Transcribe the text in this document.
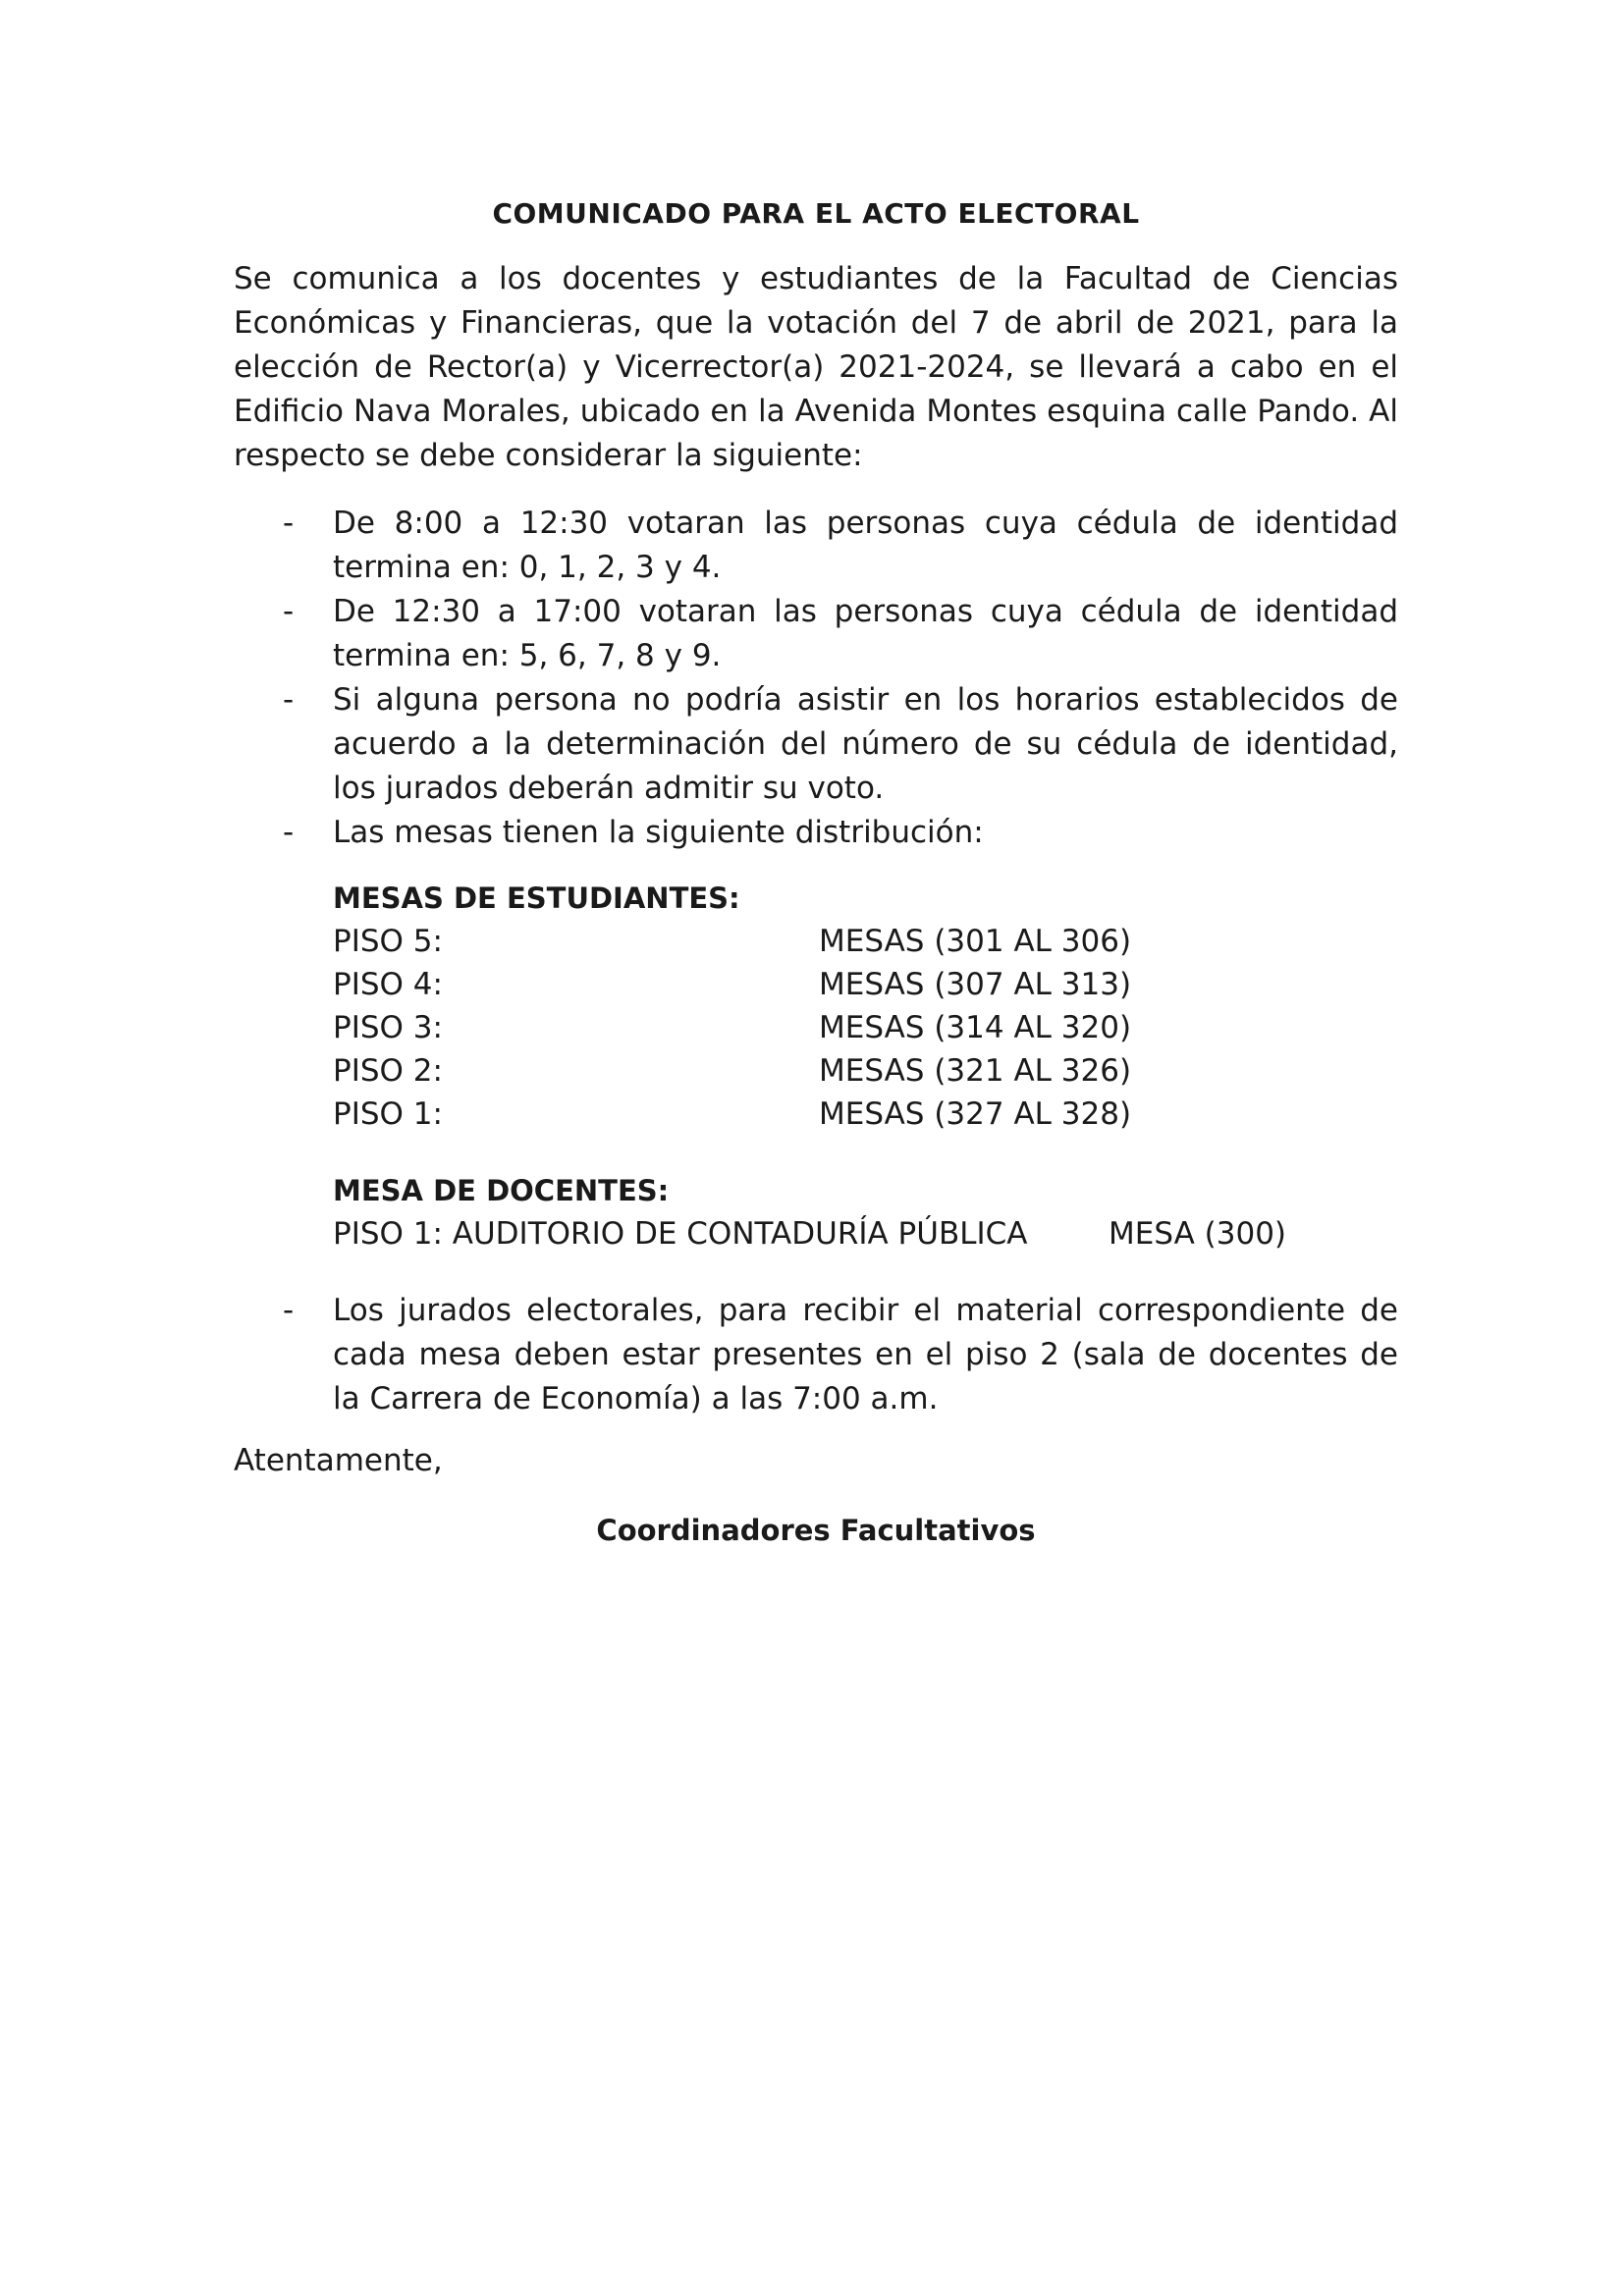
COMUNICADO PARA EL ACTO ELECTORAL

Se comunica a los docentes y estudiantes de la Facultad de Ciencias Económicas y Financieras, que la votación del 7 de abril de 2021, para la elección de Rector(a) y Vicerrector(a) 2021-2024, se llevará a cabo en el Edificio Nava Morales, ubicado en la Avenida Montes esquina calle Pando. Al respecto se debe considerar la siguiente:

- De 8:00 a 12:30 votaran las personas cuya cédula de identidad termina en: 0, 1, 2, 3 y 4.
- De 12:30 a 17:00 votaran las personas cuya cédula de identidad termina en: 5, 6, 7, 8 y 9.
- Si alguna persona no podría asistir en los horarios establecidos de acuerdo a la determinación del número de su cédula de identidad, los jurados deberán admitir su voto.
- Las mesas tienen la siguiente distribución:
MESAS DE ESTUDIANTES:
PISO 5:	MESAS (301 AL 306)
PISO 4:	MESAS (307 AL 313)
PISO 3:	MESAS (314 AL 320)
PISO 2:	MESAS (321 AL 326)
PISO 1:	MESAS (327 AL 328)
MESA DE DOCENTES:
PISO 1: AUDITORIO DE CONTADURÍA PÚBLICA	MESA (300)
- Los jurados electorales, para recibir el material correspondiente de cada mesa deben estar presentes en el piso 2 (sala de docentes de la Carrera de Economía) a las 7:00 a.m.
Atentamente,
Coordinadores Facultativos
